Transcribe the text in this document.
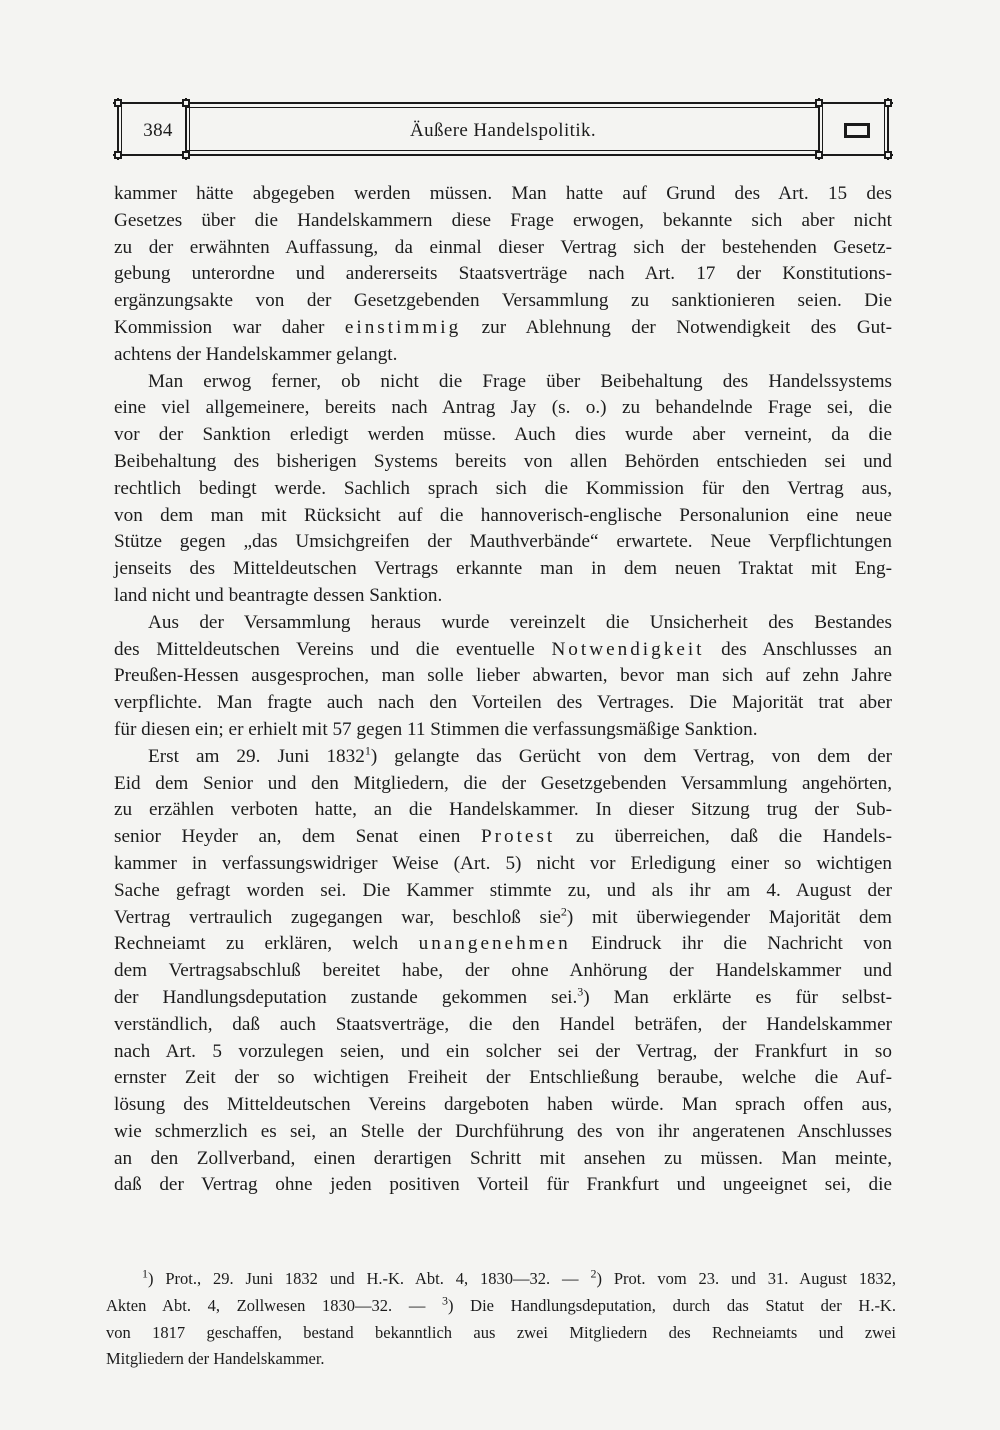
384	Äußere Handelspolitik.
kammer hätte abgegeben werden müssen. Man hatte auf Grund des Art. 15 des
Gesetzes über die Handelskammern diese Frage erwogen, bekannte sich aber nicht
zu der erwähnten Auffassung, da einmal dieser Vertrag sich der bestehenden Gesetz-
gebung unterordne und andererseits Staatsverträge nach Art. 17 der Konstitutions-
ergänzungsakte von der Gesetzgebenden Versammlung zu sanktionieren seien. Die
Kommission war daher einstimmig zur Ablehnung der Notwendigkeit des Gut-
achtens der Handelskammer gelangt.
Man erwog ferner, ob nicht die Frage über Beibehaltung des Handelssystems
eine viel allgemeinere, bereits nach Antrag Jay (s. o.) zu behandelnde Frage sei, die
vor der Sanktion erledigt werden müsse. Auch dies wurde aber verneint, da die
Beibehaltung des bisherigen Systems bereits von allen Behörden entschieden sei und
rechtlich bedingt werde. Sachlich sprach sich die Kommission für den Vertrag aus,
von dem man mit Rücksicht auf die hannoverisch-englische Personalunion eine neue
Stütze gegen „das Umsichgreifen der Mauthverbände“ erwartete. Neue Verpflichtungen
jenseits des Mitteldeutschen Vertrags erkannte man in dem neuen Traktat mit Eng-
land nicht und beantragte dessen Sanktion.
Aus der Versammlung heraus wurde vereinzelt die Unsicherheit des Bestandes
des Mitteldeutschen Vereins und die eventuelle Notwendigkeit des Anschlusses an
Preußen-Hessen ausgesprochen, man solle lieber abwarten, bevor man sich auf zehn Jahre
verpflichte. Man fragte auch nach den Vorteilen des Vertrages. Die Majorität trat aber
für diesen ein; er erhielt mit 57 gegen 11 Stimmen die verfassungsmäßige Sanktion.
Erst am 29. Juni 1832$^1$) gelangte das Gerücht von dem Vertrag, von dem der
Eid dem Senior und den Mitgliedern, die der Gesetzgebenden Versammlung angehörten,
zu erzählen verboten hatte, an die Handelskammer. In dieser Sitzung trug der Sub-
senior Heyder an, dem Senat einen Protest zu überreichen, daß die Handels-
kammer in verfassungswidriger Weise (Art. 5) nicht vor Erledigung einer so wichtigen
Sache gefragt worden sei. Die Kammer stimmte zu, und als ihr am 4. August der
Vertrag vertraulich zugegangen war, beschloß sie$^2$) mit überwiegender Majorität dem
Rechneiamt zu erklären, welch unangenehmen Eindruck ihr die Nachricht von
dem Vertragsabschluß bereitet habe, der ohne Anhörung der Handelskammer und
der Handlungsdeputation zustande gekommen sei.$^3$) Man erklärte es für selbst-
verständlich, daß auch Staatsverträge, die den Handel beträfen, der Handelskammer
nach Art. 5 vorzulegen seien, und ein solcher sei der Vertrag, der Frankfurt in so
ernster Zeit der so wichtigen Freiheit der Entschließung beraube, welche die Auf-
lösung des Mitteldeutschen Vereins dargeboten haben würde. Man sprach offen aus,
wie schmerzlich es sei, an Stelle der Durchführung des von ihr angeratenen Anschlusses
an den Zollverband, einen derartigen Schritt mit ansehen zu müssen. Man meinte,
daß der Vertrag ohne jeden positiven Vorteil für Frankfurt und ungeeignet sei, die
$^1$) Prot., 29. Juni 1832 und H.-K. Abt. 4, 1830—32. — $^2$) Prot. vom 23. und 31. August 1832,
Akten Abt. 4, Zollwesen 1830—32. — $^3$) Die Handlungsdeputation, durch das Statut der H.-K.
von 1817 geschaffen, bestand bekanntlich aus zwei Mitgliedern des Rechneiamts und zwei
Mitgliedern der Handelskammer.
